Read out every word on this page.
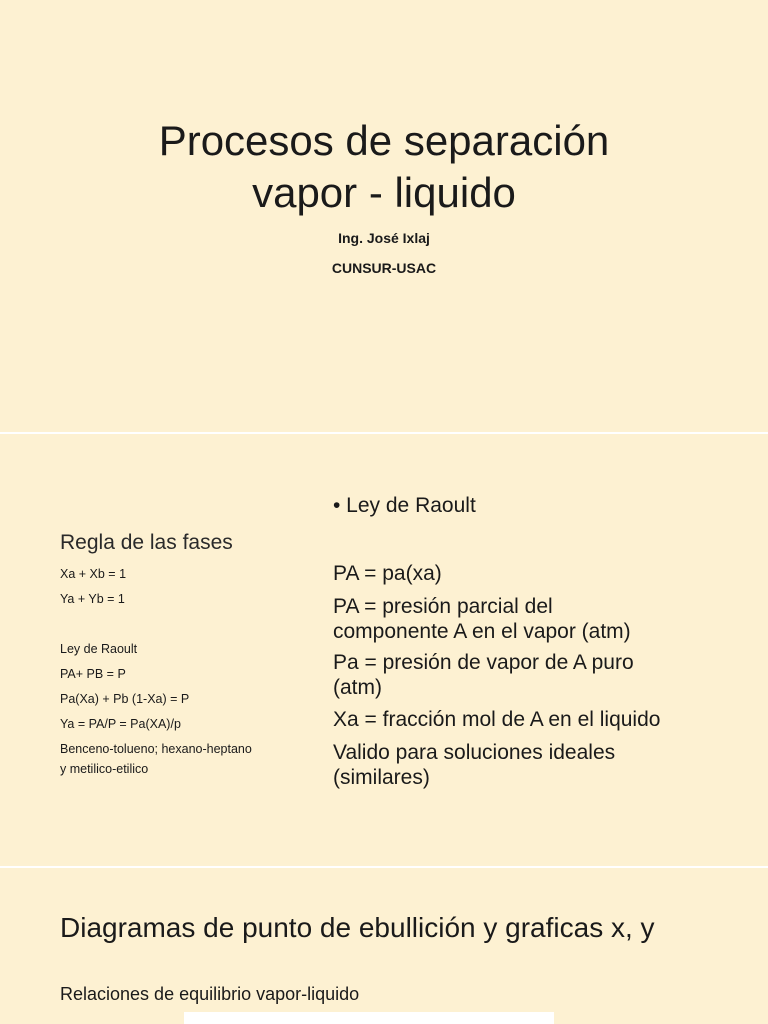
Procesos de separación
vapor - liquido
Ing. José Ixlaj
CUNSUR-USAC
Regla de las fases
Xa + Xb = 1
Ya + Yb = 1
Ley de Raoult
PA+ PB = P
Pa(Xa) + Pb (1-Xa) = P
Ya = PA/P = Pa(XA)/p
Benceno-tolueno; hexano-heptano
y metilico-etilico
• Ley de Raoult
PA = pa(xa)
PA = presión parcial del
componente A en el vapor (atm)
Pa = presión de vapor de A puro
(atm)
Xa = fracción mol de A en el liquido
Valido para soluciones ideales
(similares)
Diagramas de punto de ebullición y graficas x, y
Relaciones de equilibrio vapor-liquido
